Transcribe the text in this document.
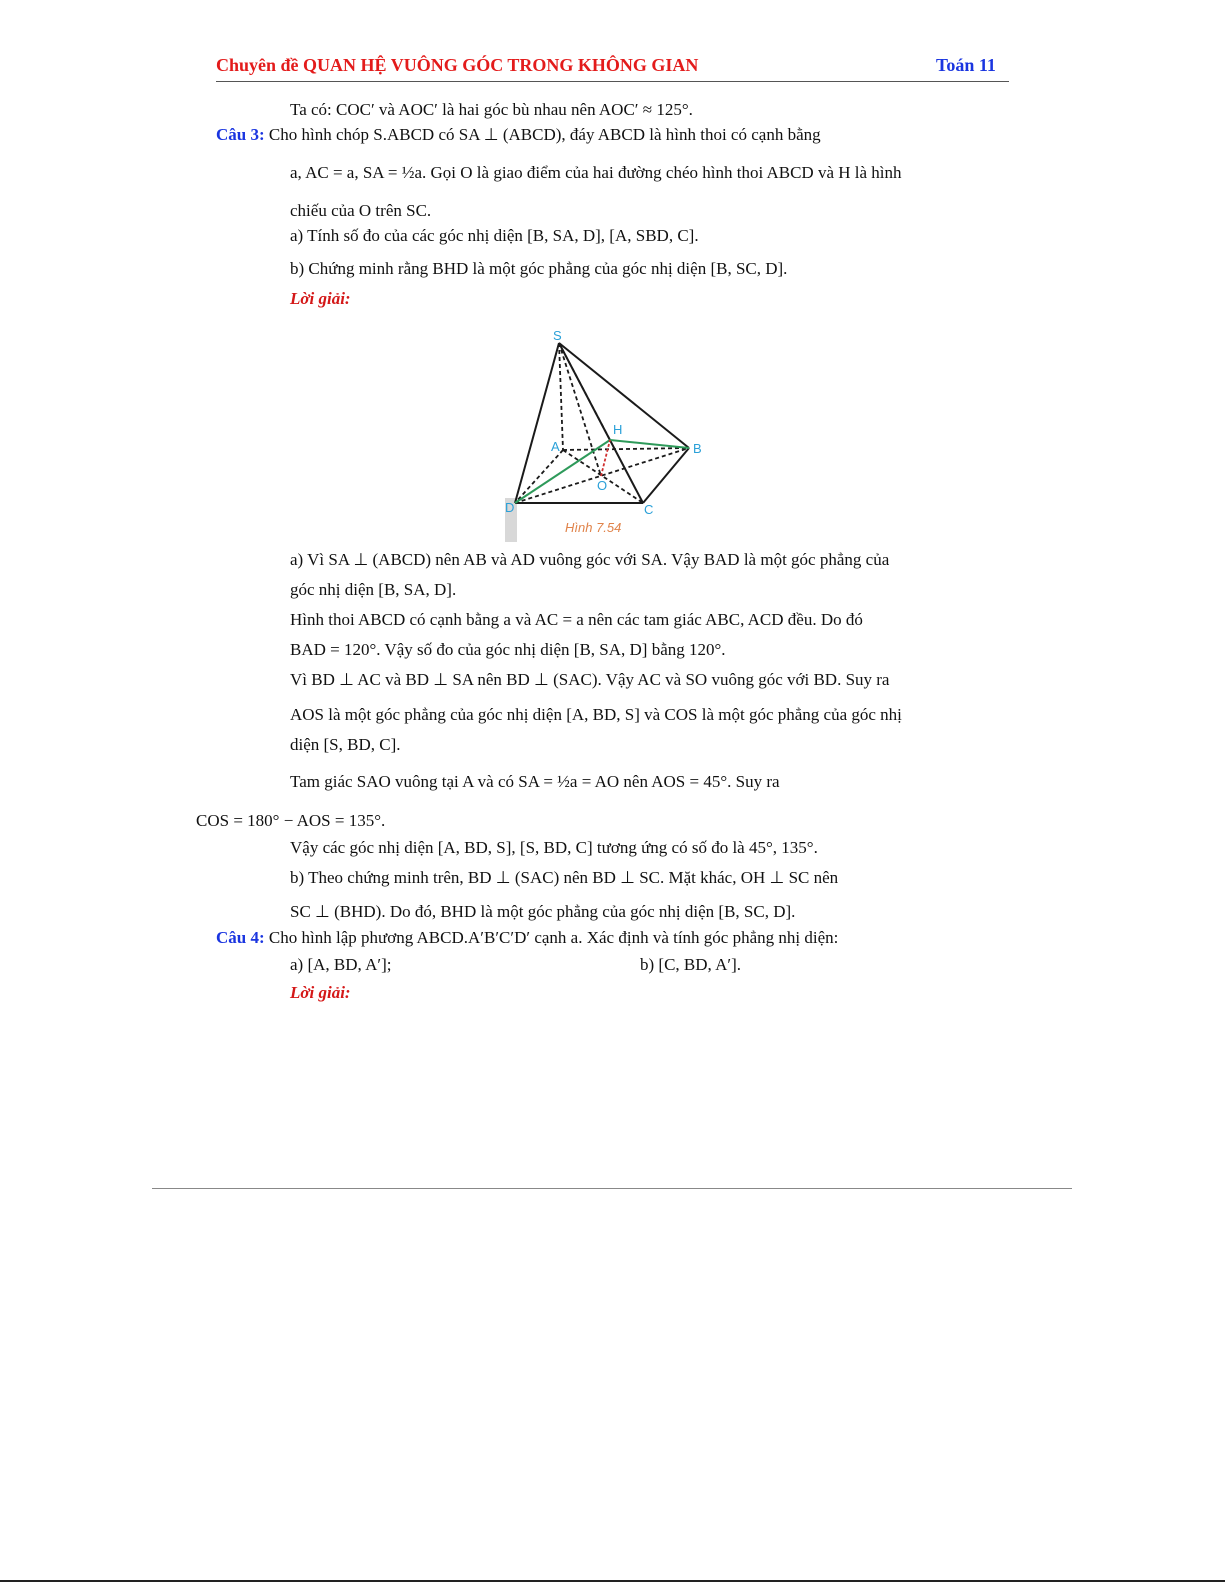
Chuyên đề QUAN HỆ VUÔNG GÓC TRONG KHÔNG GIAN	Toán 11
Ta có: COC′ và AOC′ là hai góc bù nhau nên AOC′ ≈ 125°.
Câu 3: Cho hình chóp S.ABCD có SA ⊥ (ABCD), đáy ABCD là hình thoi có cạnh bằng
a, AC = a, SA = ½a. Gọi O là giao điểm của hai đường chéo hình thoi ABCD và H là hình
chiếu của O trên SC.
a) Tính số đo của các góc nhị diện [B, SA, D], [A, SBD, C].
b) Chứng minh rằng BHD là một góc phẳng của góc nhị diện [B, SC, D].
Lời giải:
S
A	B
C
D
O
H
Hình 7.54
a) Vì SA ⊥ (ABCD) nên AB và AD vuông góc với SA. Vậy BAD là một góc phẳng của
góc nhị diện [B, SA, D].
Hình thoi ABCD có cạnh bằng a và AC = a nên các tam giác ABC, ACD đều. Do đó
BAD = 120°. Vậy số đo của góc nhị diện [B, SA, D] bằng 120°.
Vì BD ⊥ AC và BD ⊥ SA nên BD ⊥ (SAC). Vậy AC và SO vuông góc với BD. Suy ra
AOS là một góc phẳng của góc nhị diện [A, BD, S] và COS là một góc phẳng của góc nhị
diện [S, BD, C].
Tam giác SAO vuông tại A và có SA = ½a = AO nên AOS = 45°. Suy ra
COS = 180° − AOS = 135°.
Vậy các góc nhị diện [A, BD, S], [S, BD, C] tương ứng có số đo là 45°, 135°.
b) Theo chứng minh trên, BD ⊥ (SAC) nên BD ⊥ SC. Mặt khác, OH ⊥ SC nên
SC ⊥ (BHD). Do đó, BHD là một góc phẳng của góc nhị diện [B, SC, D].
Câu 4: Cho hình lập phương ABCD.A′B′C′D′ cạnh a. Xác định và tính góc phẳng nhị diện:
a) [A, BD, A′];	b) [C, BD, A′].
Lời giải:
